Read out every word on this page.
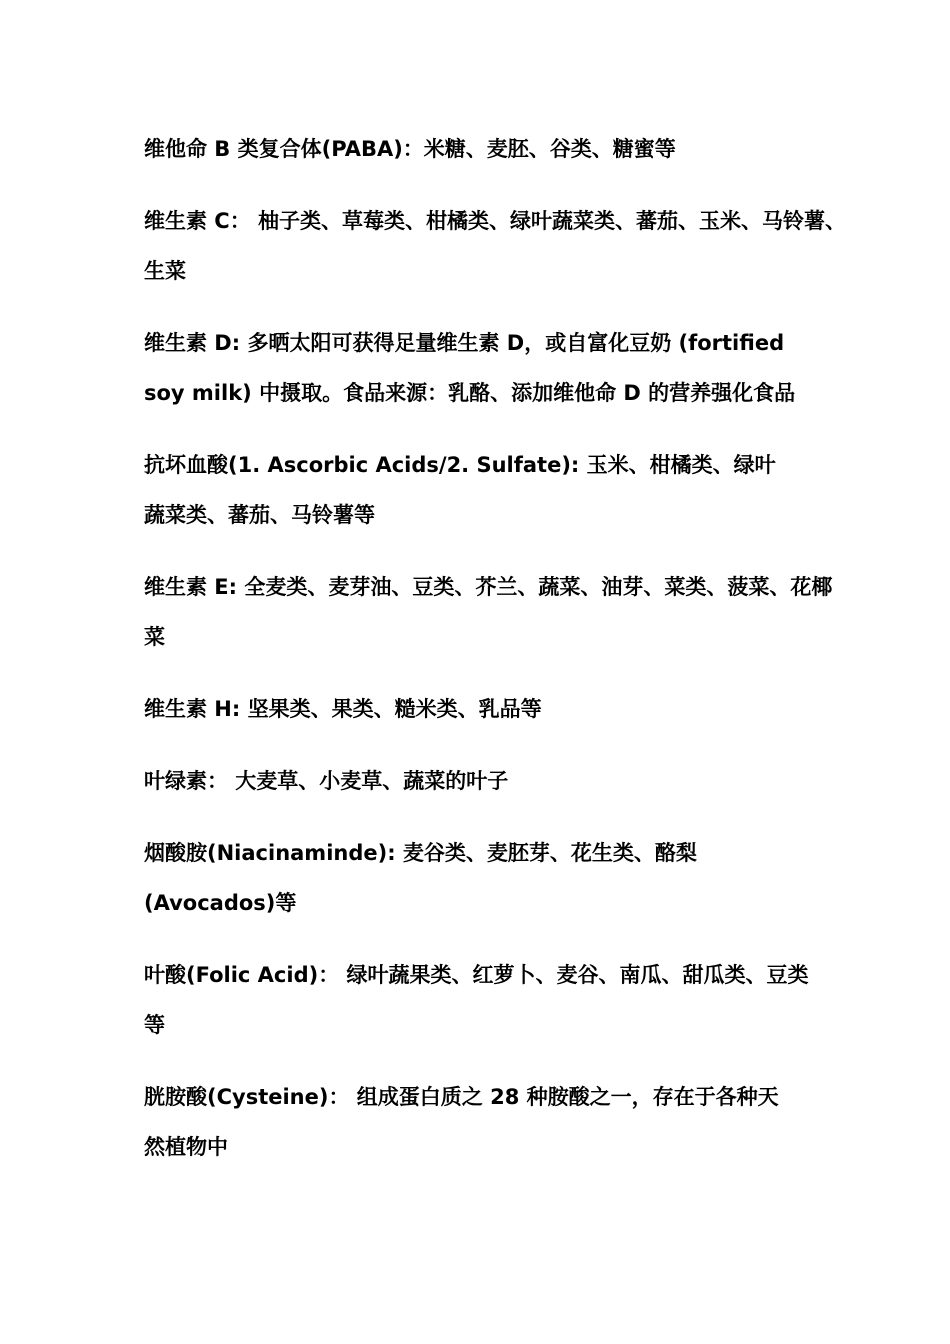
维他命 B 类复合体(PABA)：米糖、麦胚、谷类、糖蜜等

维生素 C： 柚子类、草莓类、柑橘类、绿叶蔬菜类、蕃茄、玉米、马铃薯、
生菜

维生素 D: 多晒太阳可获得足量维生素 D，或自富化豆奶 (fortified
soy milk) 中摄取。食品来源：乳酪、添加维他命 D 的营养强化食品

抗坏血酸(1. Ascorbic Acids/2. Sulfate): 玉米、柑橘类、绿叶
蔬菜类、蕃茄、马铃薯等

维生素 E: 全麦类、麦芽油、豆类、芥兰、蔬菜、油芽、菜类、菠菜、花椰
菜

维生素 H: 坚果类、果类、糙米类、乳品等

叶绿素： 大麦草、小麦草、蔬菜的叶子

烟酸胺(Niacinaminde): 麦谷类、麦胚芽、花生类、酪梨
(Avocados)等

叶酸(Folic Acid)： 绿叶蔬果类、红萝卜、麦谷、南瓜、甜瓜类、豆类
等

胱胺酸(Cysteine)： 组成蛋白质之 28 种胺酸之一，存在于各种天
然植物中
